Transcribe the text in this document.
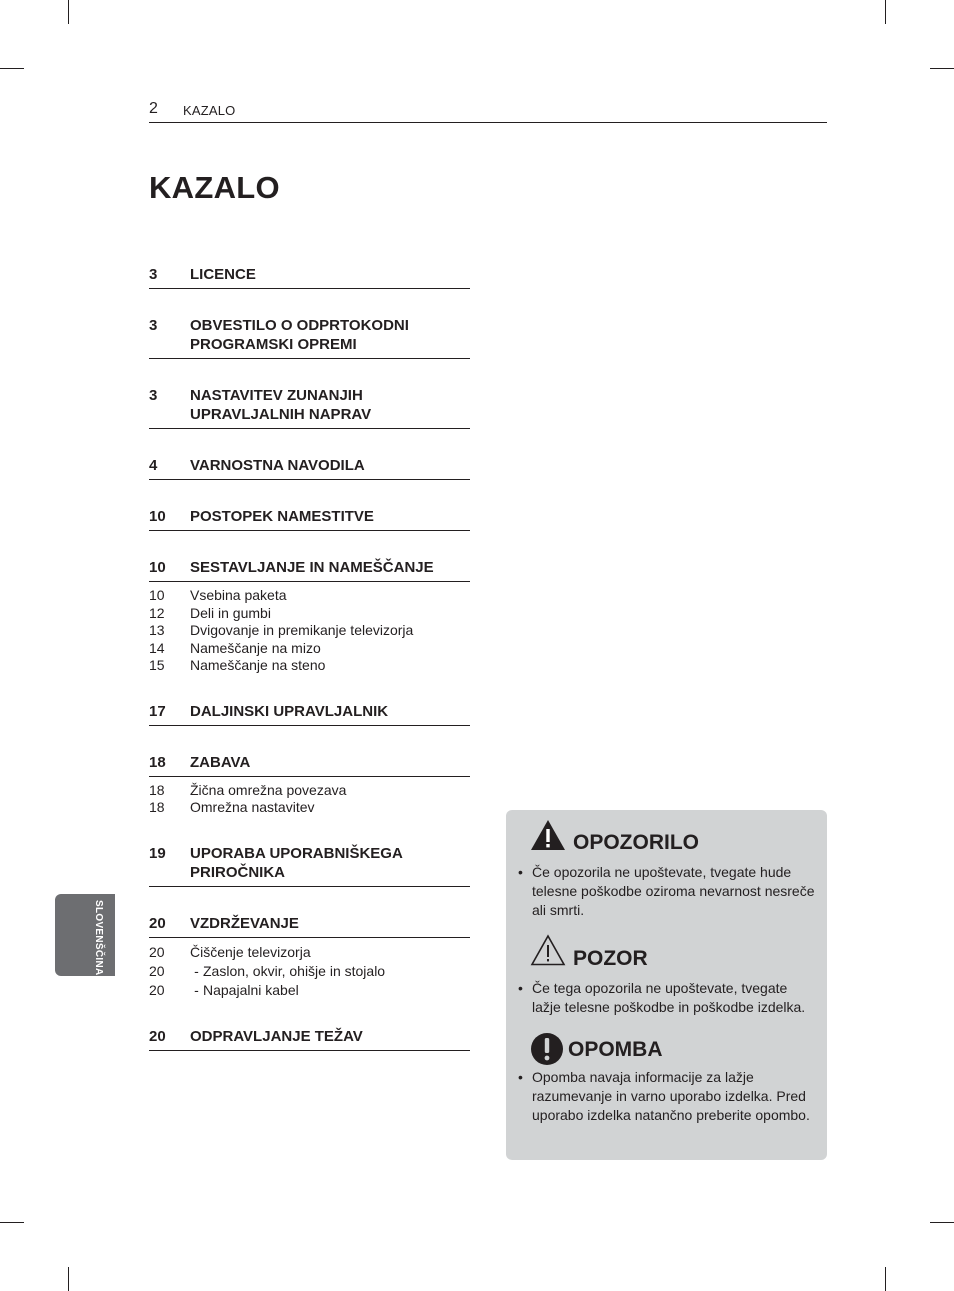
2 KAZALO
KAZALO
3	LICENCE
3	OBVESTILO O ODPRTOKODNI PROGRAMSKI OPREMI
3	NASTAVITEV ZUNANJIH UPRAVLJALNIH NAPRAV
4	VARNOSTNA NAVODILA
10	POSTOPEK NAMESTITVE
10	SESTAVLJANJE IN NAMEŠČANJE
10	Vsebina paketa
12	Deli in gumbi
13	Dvigovanje in premikanje televizorja
14	Nameščanje na mizo
15	Nameščanje na steno
17	DALJINSKI UPRAVLJALNIK
18	ZABAVA
18	Žična omrežna povezava
18	Omrežna nastavitev
19	UPORABA UPORABNIŠKEGA PRIROČNIKA
20	VZDRŽEVANJE
20	Čiščenje televizorja
20	- Zaslon, okvir, ohišje in stojalo
20	- Napajalni kabel
20	ODPRAVLJANJE TEŽAV
SLOVENŠČINA
OPOZORILO
• Če opozorila ne upoštevate, tvegate hude telesne poškodbe oziroma nevarnost nesreče ali smrti.
POZOR
• Če tega opozorila ne upoštevate, tvegate lažje telesne poškodbe in poškodbe izdelka.
OPOMBA
• Opomba navaja informacije za lažje razumevanje in varno uporabo izdelka. Pred uporabo izdelka natančno preberite opombo.
